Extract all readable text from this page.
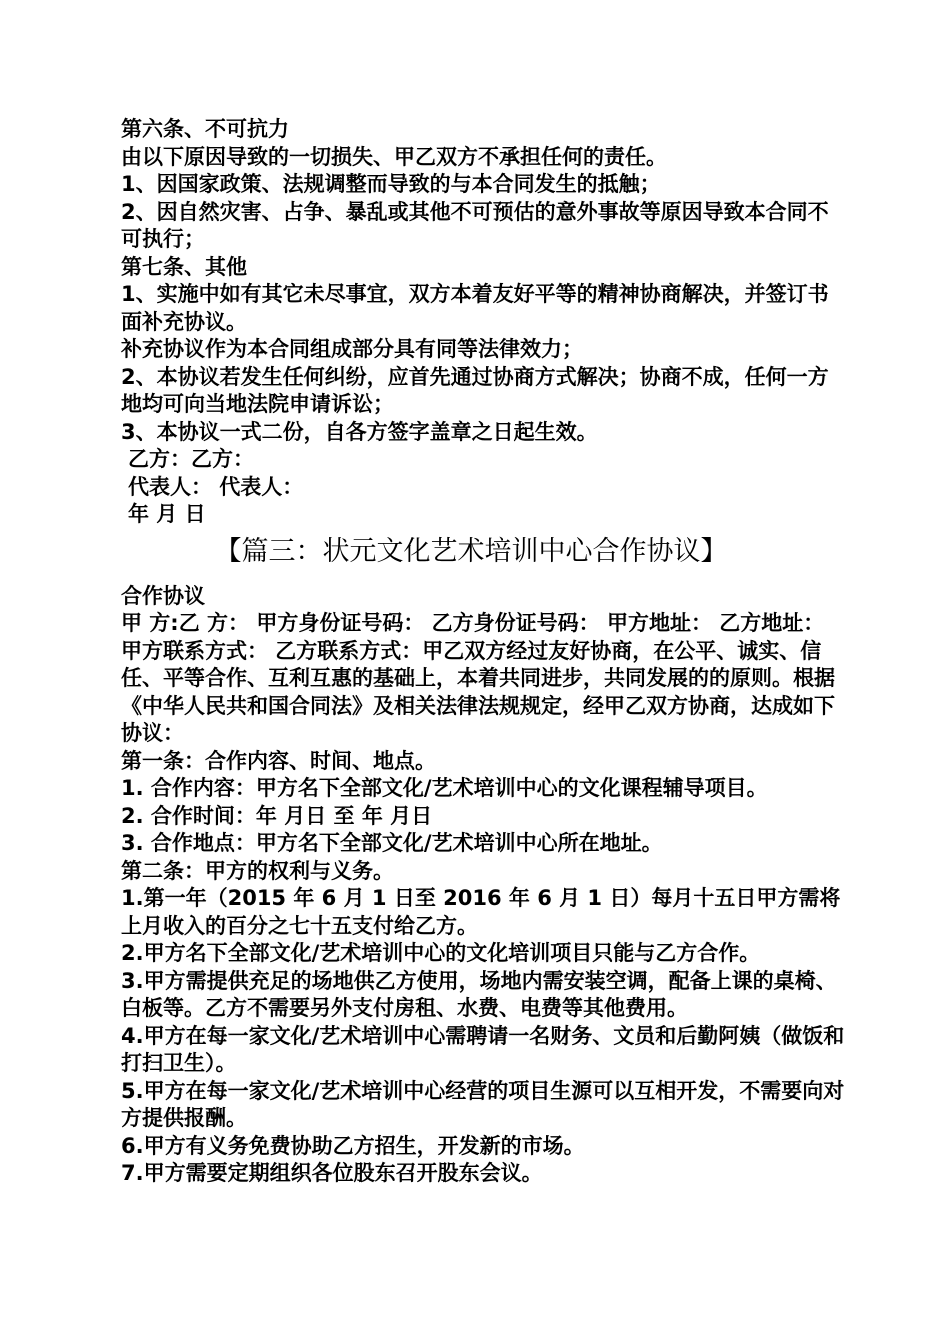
第六条、不可抗力
由以下原因导致的一切损失、甲乙双方不承担任何的责任。
1、因国家政策、法规调整而导致的与本合同发生的抵触；
2、因自然灾害、占争、暴乱或其他不可预估的意外事故等原因导致本合同不可执行；
第七条、其他
1、实施中如有其它未尽事宜，双方本着友好平等的精神协商解决，并签订书面补充协议。
补充协议作为本合同组成部分具有同等法律效力；
2、本协议若发生任何纠纷，应首先通过协商方式解决；协商不成，任何一方地均可向当地法院申请诉讼；
3、本协议一式二份，自各方签字盖章之日起生效。
乙方：乙方：
代表人： 代表人：
年 月 日
【篇三：状元文化艺术培训中心合作协议】
合作协议
甲 方:乙 方： 甲方身份证号码： 乙方身份证号码： 甲方地址： 乙方地址： 甲方联系方式： 乙方联系方式：甲乙双方经过友好协商，在公平、诚实、信任、平等合作、互利互惠的基础上，本着共同进步，共同发展的的原则。根据《中华人民共和国合同法》及相关法律法规规定，经甲乙双方协商，达成如下协议：
第一条：合作内容、时间、地点。
1. 合作内容：甲方名下全部文化/艺术培训中心的文化课程辅导项目。
2. 合作时间：年 月日 至 年 月日
3. 合作地点：甲方名下全部文化/艺术培训中心所在地址。
第二条：甲方的权利与义务。
1.第一年（2015 年 6 月 1 日至 2016 年 6 月 1 日）每月十五日甲方需将上月收入的百分之七十五支付给乙方。
2.甲方名下全部文化/艺术培训中心的文化培训项目只能与乙方合作。
3.甲方需提供充足的场地供乙方使用，场地内需安装空调，配备上课的桌椅、白板等。乙方不需要另外支付房租、水费、电费等其他费用。
4.甲方在每一家文化/艺术培训中心需聘请一名财务、文员和后勤阿姨（做饭和打扫卫生）。
5.甲方在每一家文化/艺术培训中心经营的项目生源可以互相开发，不需要向对方提供报酬。
6.甲方有义务免费协助乙方招生，开发新的市场。
7.甲方需要定期组织各位股东召开股东会议。
